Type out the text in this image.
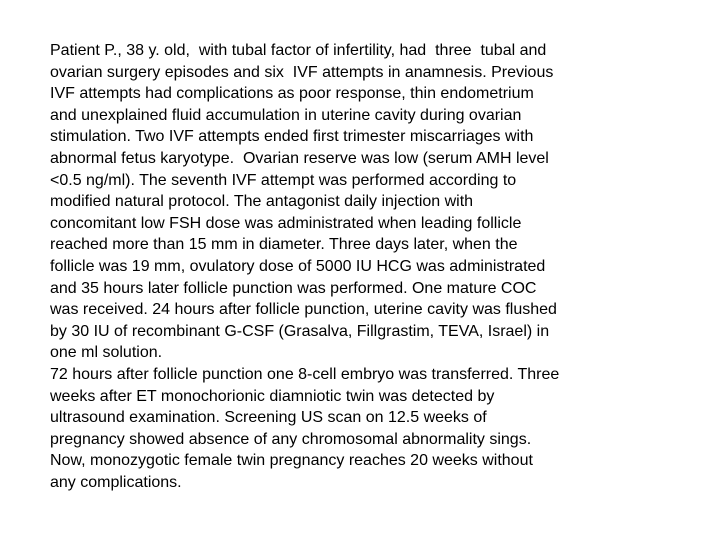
Patient P., 38 y. old,  with tubal factor of infertility, had  three  tubal and
ovarian surgery episodes and six  IVF attempts in anamnesis. Previous
IVF attempts had complications as poor response, thin endometrium
and unexplained fluid accumulation in uterine cavity during ovarian
stimulation. Two IVF attempts ended first trimester miscarriages with
abnormal fetus karyotype.  Ovarian reserve was low (serum AMH level
<0.5 ng/ml). The seventh IVF attempt was performed according to
modified natural protocol. The antagonist daily injection with
concomitant low FSH dose was administrated when leading follicle
reached more than 15 mm in diameter. Three days later, when the
follicle was 19 mm, ovulatory dose of 5000 IU HCG was administrated
and 35 hours later follicle punction was performed. One mature COC
was received. 24 hours after follicle punction, uterine cavity was flushed
by 30 IU of recombinant G-CSF (Grasalva, Fillgrastim, TEVA, Israel) in
one ml solution.
72 hours after follicle punction one 8-cell embryo was transferred. Three
weeks after ET monochorionic diamniotic twin was detected by
ultrasound examination. Screening US scan on 12.5 weeks of
pregnancy showed absence of any chromosomal abnormality sings.
Now, monozygotic female twin pregnancy reaches 20 weeks without
any complications.
